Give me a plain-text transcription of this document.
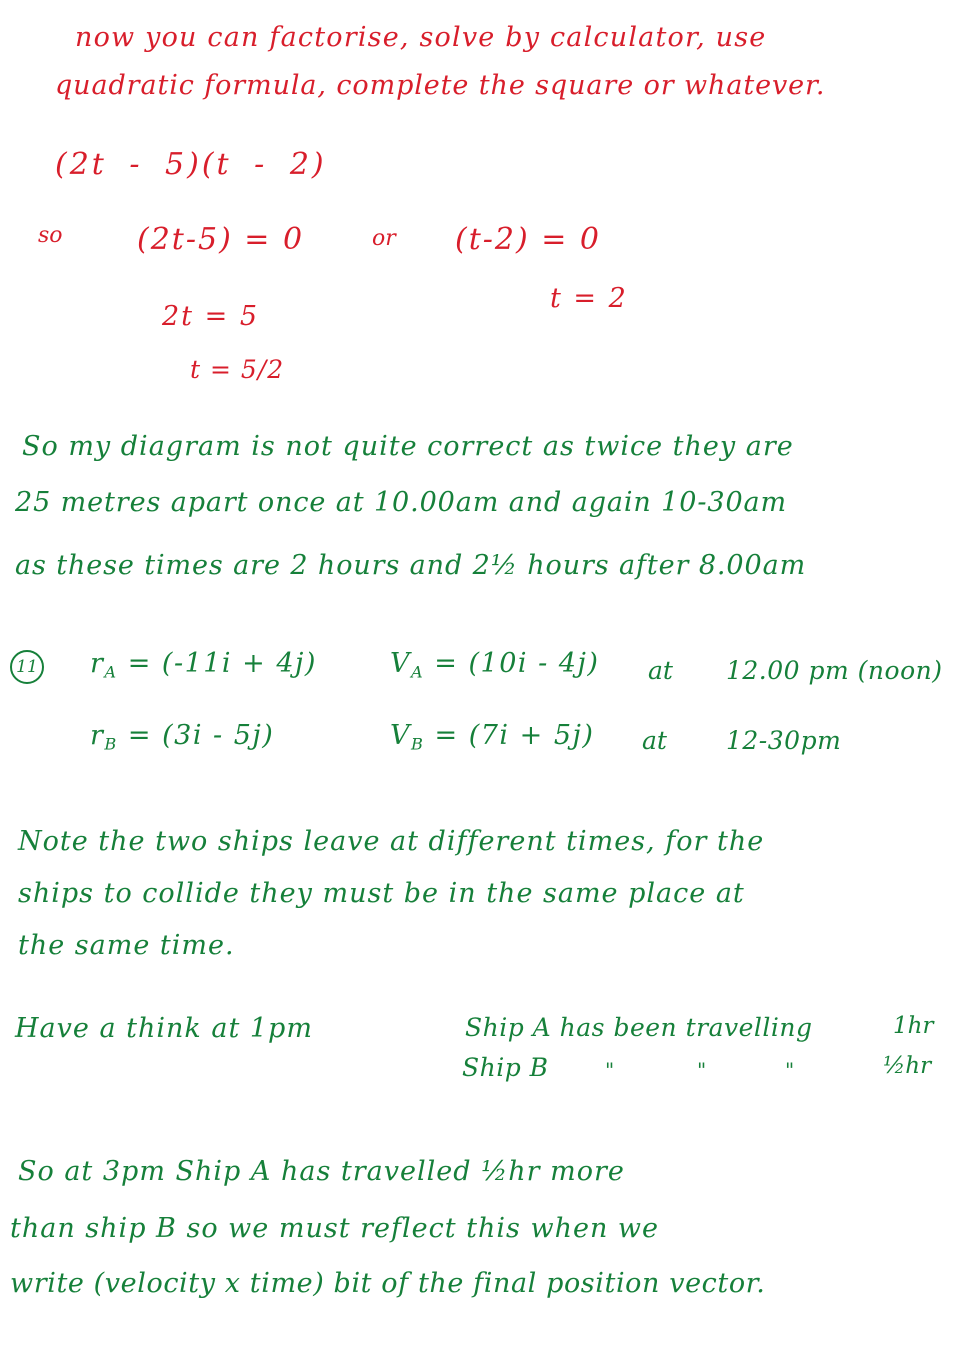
now you can factorise, solve by calculator, use
quadratic formula, complete the square or whatever.
(2t - 5)(t - 2)
so (2t-5) = 0	or (t-2) = 0
t = 2
2t = 5
t = 5/2
So my diagram is not quite correct as twice they are
25 metres apart once at 10.00am and again 10-30am
as these times are 2 hours and 2½ hours after 8.00am
11 $r_A = (-11i + 4j)$	$V_A = (10i - 4j)$ at 12.00 pm (noon)
$r_B = (3i - 5j)$	$V_B = (7i + 5j)$ at 12-30pm
Note the two ships leave at different times, for the
ships to collide they must be in the same place at
the same time.
Have a think at 1pm	Ship A has been travelling	1hr
Ship B	"	"	"	½hr
So at 3pm Ship A has travelled ½hr more
than ship B so we must reflect this when we
write (velocity x time) bit of the final position vector.
